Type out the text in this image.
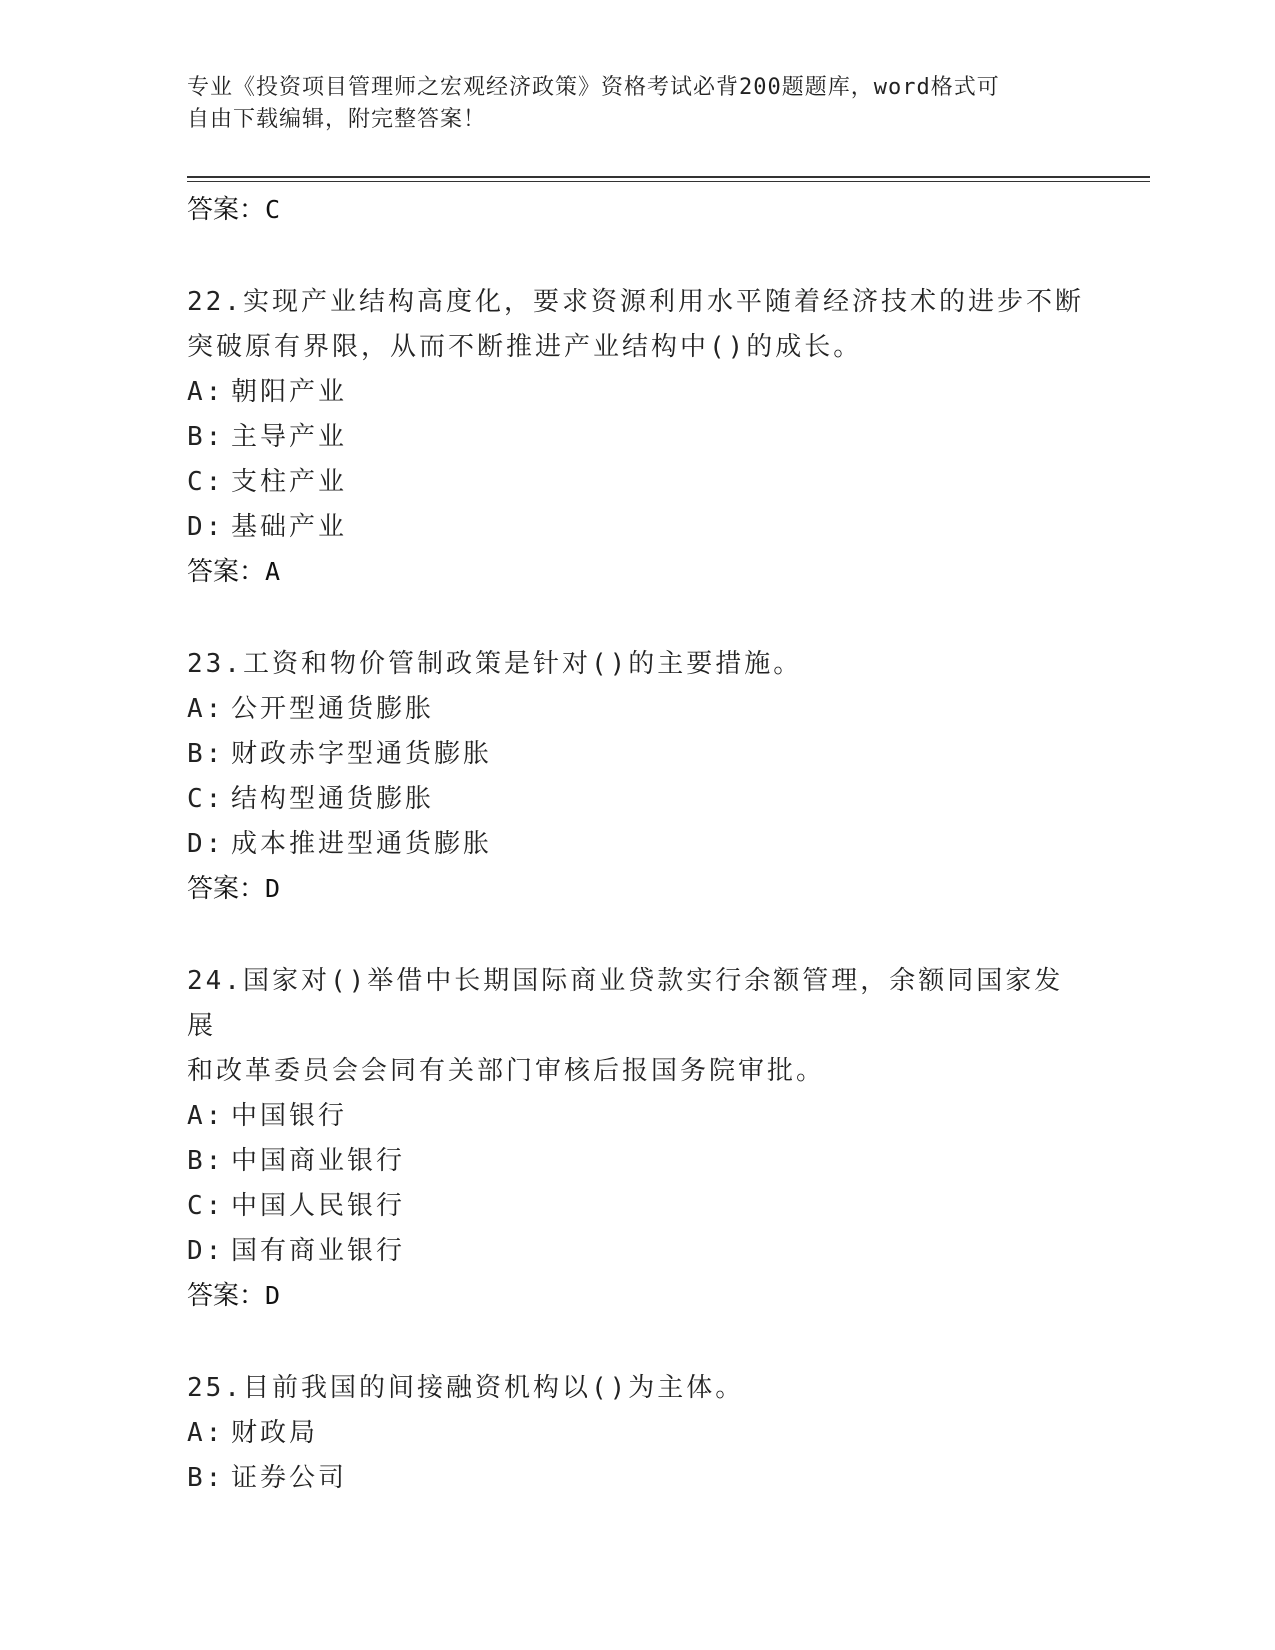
专业《投资项目管理师之宏观经济政策》资格考试必背200题题库，word格式可
自由下载编辑，附完整答案！
答案：C
22.实现产业结构高度化，要求资源利用水平随着经济技术的进步不断
突破原有界限，从而不断推进产业结构中()的成长。
A: 朝阳产业
B: 主导产业
C: 支柱产业
D: 基础产业
答案：A
23.工资和物价管制政策是针对()的主要措施。
A: 公开型通货膨胀
B: 财政赤字型通货膨胀
C: 结构型通货膨胀
D: 成本推进型通货膨胀
答案：D
24.国家对()举借中长期国际商业贷款实行余额管理，余额同国家发展
和改革委员会会同有关部门审核后报国务院审批。
A: 中国银行
B: 中国商业银行
C: 中国人民银行
D: 国有商业银行
答案：D
25.目前我国的间接融资机构以()为主体。
A: 财政局
B: 证券公司
